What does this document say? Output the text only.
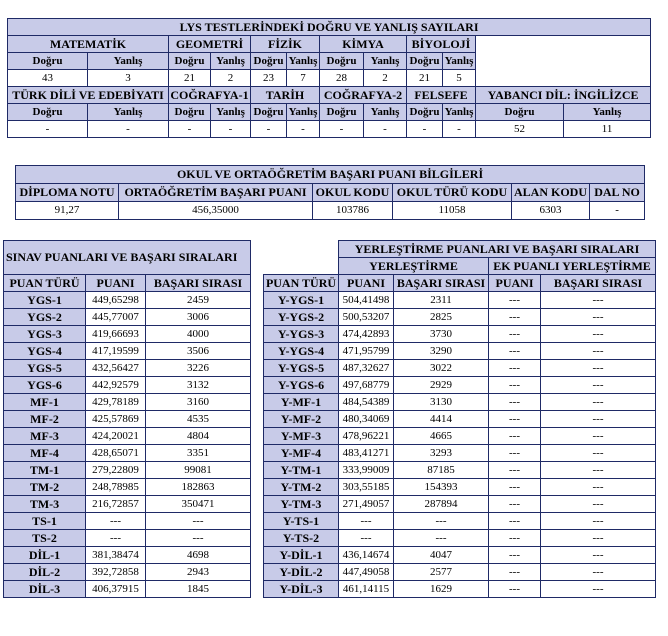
LYS TESTLERİNDEKİ DOĞRU VE YANLIŞ SAYILARI											
MATEMATİK		GEOMETRİ		FİZİK		KİMYA		BİYOLOJİ			
Doğru	Yanlış	Doğru	Yanlış	Doğru	Yanlış	Doğru	Yanlış	Doğru	Yanlış		
43	3	21	2	23	7	28	2	21	5		
TÜRK DİLİ VE EDEBİYATI		COĞRAFYA-1		TARİH		COĞRAFYA-2		FELSEFE		YABANCI DİL: İNGİLİZCE	
Doğru	Yanlış	Doğru	Yanlış	Doğru	Yanlış	Doğru	Yanlış	Doğru	Yanlış	Doğru	Yanlış
-	-	-	-	-	-	-	-	-	-	52	11
OKUL VE ORTAÖĞRETİM BAŞARI PUANI BİLGİLERİ					
DİPLOMA NOTU	ORTAÖĞRETİM BAŞARI PUANI	OKUL KODU	OKUL TÜRÜ KODU	ALAN KODU	DAL NO
91,27	456,35000	103786	11058	6303	-
SINAV PUANLARI VE BAŞARI SIRALARI		
PUAN TÜRÜ	PUANI	BAŞARI SIRASI
YGS-1	449,65298	2459
YGS-2	445,77007	3006
YGS-3	419,66693	4000
YGS-4	417,19599	3506
YGS-5	432,56427	3226
YGS-6	442,92579	3132
MF-1	429,78189	3160
MF-2	425,57869	4535
MF-3	424,20021	4804
MF-4	428,65071	3351
TM-1	279,22809	99081
TM-2	248,78985	182863
TM-3	216,72857	350471
TS-1	---	---
TS-2	---	---
DİL-1	381,38474	4698
DİL-2	392,72858	2943
DİL-3	406,37915	1845
	YERLEŞTİRME PUANLARI VE BAŞARI SIRALARI			
	YERLEŞTİRME		EK PUANLI YERLEŞTİRME	
PUAN TÜRÜ	PUANI	BAŞARI SIRASI	PUANI	BAŞARI SIRASI
Y-YGS-1	504,41498	2311	---	---
Y-YGS-2	500,53207	2825	---	---
Y-YGS-3	474,42893	3730	---	---
Y-YGS-4	471,95799	3290	---	---
Y-YGS-5	487,32627	3022	---	---
Y-YGS-6	497,68779	2929	---	---
Y-MF-1	484,54389	3130	---	---
Y-MF-2	480,34069	4414	---	---
Y-MF-3	478,96221	4665	---	---
Y-MF-4	483,41271	3293	---	---
Y-TM-1	333,99009	87185	---	---
Y-TM-2	303,55185	154393	---	---
Y-TM-3	271,49057	287894	---	---
Y-TS-1	---	---	---	---
Y-TS-2	---	---	---	---
Y-DİL-1	436,14674	4047	---	---
Y-DİL-2	447,49058	2577	---	---
Y-DİL-3	461,14115	1629	---	---
